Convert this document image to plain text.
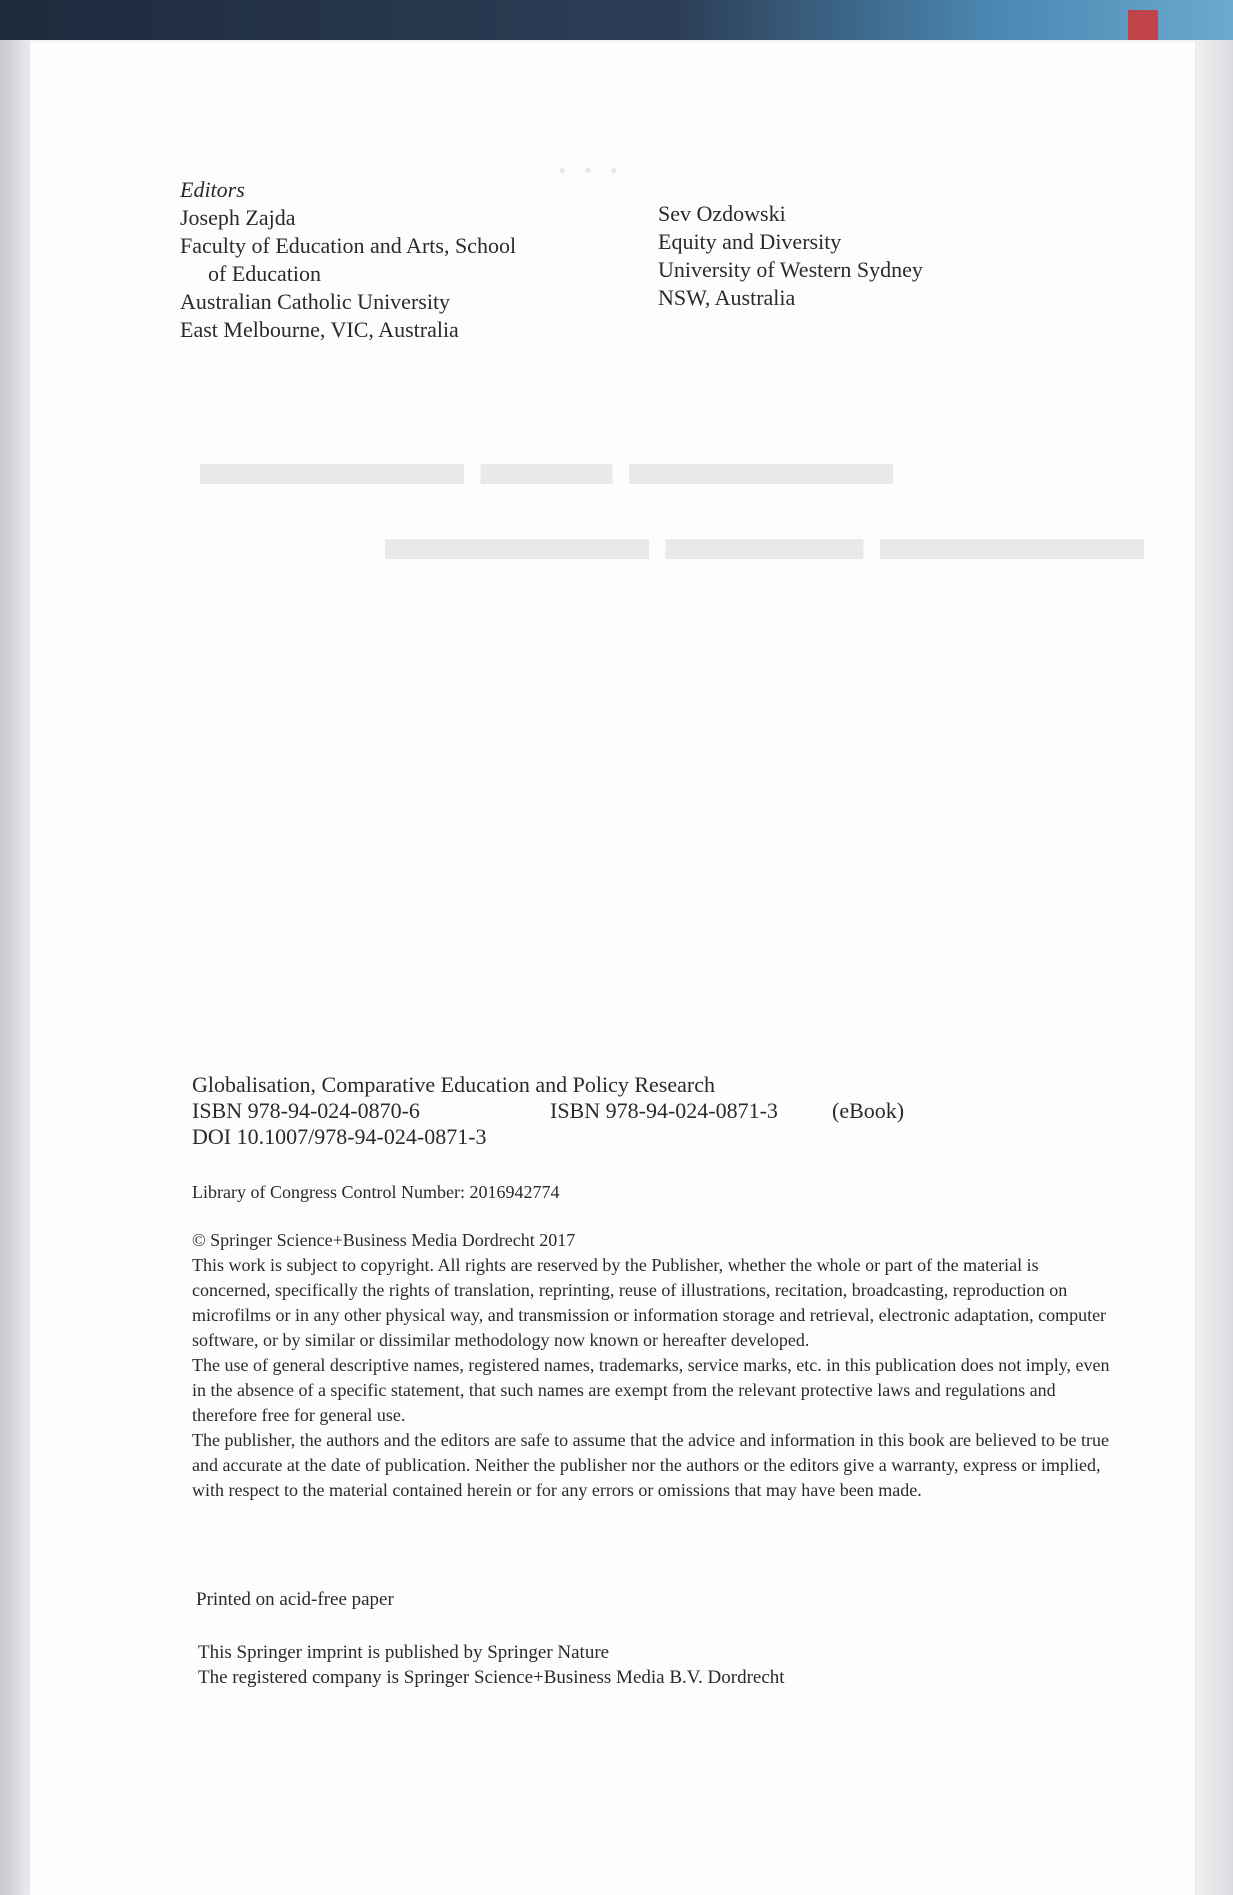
· · ·
▬▬▬▬ ▬▬ ▬▬▬▬
▬▬▬▬ ▬▬▬ ▬▬▬▬
Editors
Joseph Zajda
Faculty of Education and Arts, School
of Education
Australian Catholic University
East Melbourne, VIC, Australia
Sev Ozdowski
Equity and Diversity
University of Western Sydney
NSW, Australia
Globalisation, Comparative Education and Policy Research
ISBN 978-94-024-0870-6	ISBN 978-94-024-0871-3 (eBook)
DOI 10.1007/978-94-024-0871-3
Library of Congress Control Number: 2016942774

© Springer Science+Business Media Dordrecht 2017

This work is subject to copyright. All rights are reserved by the Publisher, whether the whole or part of the material is concerned, specifically the rights of translation, reprinting, reuse of illustrations, recitation, broadcasting, reproduction on microfilms or in any other physical way, and transmission or information storage and retrieval, electronic adaptation, computer software, or by similar or dissimilar methodology now known or hereafter developed.

The use of general descriptive names, registered names, trademarks, service marks, etc. in this publication does not imply, even in the absence of a specific statement, that such names are exempt from the relevant protective laws and regulations and therefore free for general use.

The publisher, the authors and the editors are safe to assume that the advice and information in this book are believed to be true and accurate at the date of publication. Neither the publisher nor the authors or the editors give a warranty, express or implied, with respect to the material contained herein or for any errors or omissions that may have been made.

Printed on acid-free paper
This Springer imprint is published by Springer Nature
The registered company is Springer Science+Business Media B.V. Dordrecht
